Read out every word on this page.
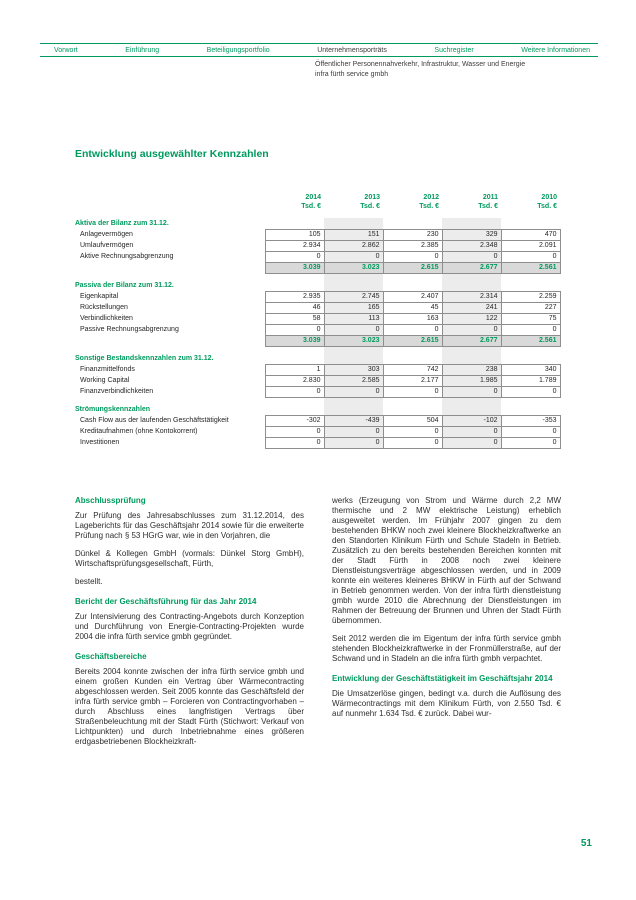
Vorwort	Einführung	Beteiligungsportfolio	Unternehmensporträts	Suchregister	Weitere Informationen
Öffentlicher Personennahverkehr, Infrastruktur, Wasser und Energie
infra fürth service gmbh
Entwicklung ausgewählter Kennzahlen
	2014	2013	2012	2011	2010
	Tsd. €	Tsd. €	Tsd. €	Tsd. €	Tsd. €

Aktiva der Bilanz zum 31.12.					
Anlagevermögen	105	151	230	329	470
Umlaufvermögen	2.934	2.862	2.385	2.348	2.091
Aktive Rechnungsabgrenzung	0	0	0	0	0
	3.039	3.023	2.615	2.677	2.561

Passiva der Bilanz zum 31.12.					
Eigenkapital	2.935	2.745	2.407	2.314	2.259
Rückstellungen	46	165	45	241	227
Verbindlichkeiten	58	113	163	122	75
Passive Rechnungsabgrenzung	0	0	0	0	0
	3.039	3.023	2.615	2.677	2.561

Sonstige Bestandskennzahlen zum 31.12.					
Finanzmittelfonds	1	303	742	238	340
Working Capital	2.830	2.585	2.177	1.985	1.789
Finanzverbindlichkeiten	0	0	0	0	0

Strömungskennzahlen					
Cash Flow aus der laufenden Geschäftstätigkeit	-302	-439	504	-102	-353
Kreditaufnahmen (ohne Kontokorrent)	0	0	0	0	0
Investitionen	0	0	0	0	0
Abschlussprüfung

Zur Prüfung des Jahresabschlusses zum 31.12.2014, des Lageberichts für das Geschäftsjahr 2014 sowie für die erweiterte Prüfung nach § 53 HGrG war, wie in den Vorjahren, die

Dünkel & Kollegen GmbH (vormals: Dünkel Storg GmbH), Wirtschaftsprüfungsgesellschaft, Fürth,

bestellt.

Bericht der Geschäftsführung für das Jahr 2014

Zur Intensivierung des Contracting-Angebots durch Konzeption und Durchführung von Energie-Contracting-Projekten wurde 2004 die infra fürth service gmbh gegründet.

Geschäftsbereiche

Bereits 2004 konnte zwischen der infra fürth service gmbh und einem großen Kunden ein Vertrag über Wärmecontracting abgeschlossen werden. Seit 2005 konnte das Geschäftsfeld der infra fürth service gmbh – Forcieren von Contractingvorhaben – durch Abschluss eines langfristigen Vertrags über Straßenbeleuchtung mit der Stadt Fürth (Stichwort: Verkauf von Lichtpunkten) und durch Inbetriebnahme eines größeren erdgasbetriebenen Blockheizkraft-

werks (Erzeugung von Strom und Wärme durch 2,2 MW thermische und 2 MW elektrische Leistung) erheblich ausgeweitet werden. Im Frühjahr 2007 gingen zu dem bestehenden BHKW noch zwei kleinere Blockheizkraftwerke an den Standorten Klinikum Fürth und Schule Stadeln in Betrieb. Zusätzlich zu den bereits bestehenden Bereichen konnten mit der Stadt Fürth in 2008 noch zwei kleinere Dienstleistungsverträge abgeschlossen werden, und in 2009 konnte ein weiteres kleineres BHKW in Fürth auf der Schwand in Betrieb genommen werden. Von der infra fürth dienstleistung gmbh wurde 2010 die Abrechnung der Dienstleistungen im Rahmen der Betreuung der Brunnen und Uhren der Stadt Fürth übernommen.

Seit 2012 werden die im Eigentum der infra fürth service gmbh stehenden Blockheizkraftwerke in der Fronmüllerstraße, auf der Schwand und in Stadeln an die infra fürth gmbh verpachtet.

Entwicklung der Geschäftstätigkeit im Geschäftsjahr 2014

Die Umsatzerlöse gingen, bedingt v.a. durch die Auflösung des Wärmecontractings mit dem Klinikum Fürth, von 2.550 Tsd. € auf nunmehr 1.634 Tsd. € zurück. Dabei wur-

51
